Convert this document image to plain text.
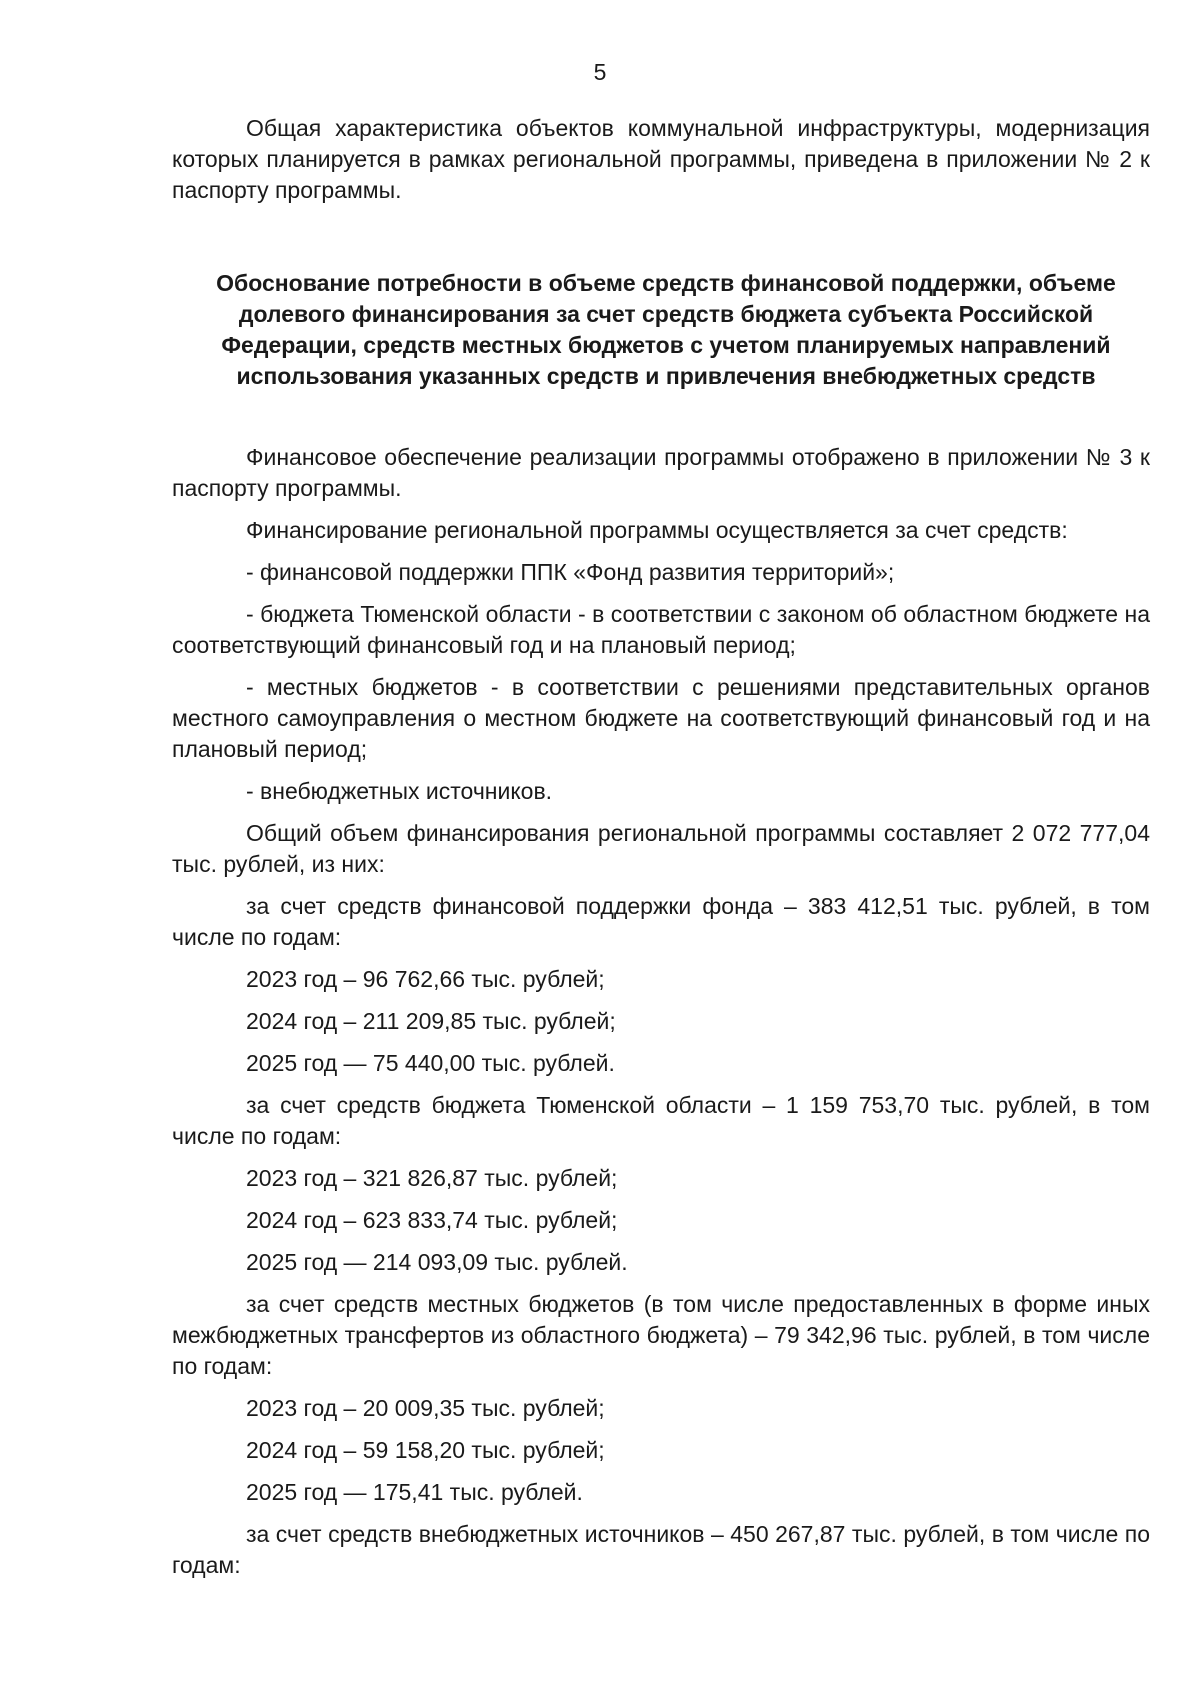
5

Общая характеристика объектов коммунальной инфраструктуры, модернизация которых планируется в рамках региональной программы, приведена в приложении № 2 к паспорту программы.

Обоснование потребности в объеме средств финансовой поддержки, объеме долевого финансирования за счет средств бюджета субъекта Российской Федерации, средств местных бюджетов с учетом планируемых направлений использования указанных средств и привлечения внебюджетных средств

Финансовое обеспечение реализации программы отображено в приложении № 3 к паспорту программы.

Финансирование региональной программы осуществляется за счет средств:

- финансовой поддержки ППК «Фонд развития территорий»;

- бюджета Тюменской области - в соответствии с законом об областном бюджете на соответствующий финансовый год и на плановый период;

- местных бюджетов - в соответствии с решениями представительных органов местного самоуправления о местном бюджете на соответствующий финансовый год и на плановый период;

- внебюджетных источников.

Общий объем финансирования региональной программы составляет 2 072 777,04 тыс. рублей, из них:

за счет средств финансовой поддержки фонда – 383 412,51 тыс. рублей, в том числе по годам:

2023 год – 96 762,66 тыс. рублей;

2024 год – 211 209,85 тыс. рублей;

2025 год — 75 440,00 тыс. рублей.

за счет средств бюджета Тюменской области – 1 159 753,70 тыс. рублей, в том числе по годам:

2023 год – 321 826,87 тыс. рублей;

2024 год – 623 833,74 тыс. рублей;

2025 год — 214 093,09 тыс. рублей.

за счет средств местных бюджетов (в том числе предоставленных в форме иных межбюджетных трансфертов из областного бюджета) – 79 342,96 тыс. рублей, в том числе по годам:

2023 год – 20 009,35 тыс. рублей;

2024 год – 59 158,20 тыс. рублей;

2025 год — 175,41 тыс. рублей.

за счет средств внебюджетных источников – 450 267,87 тыс. рублей, в том числе по годам:
